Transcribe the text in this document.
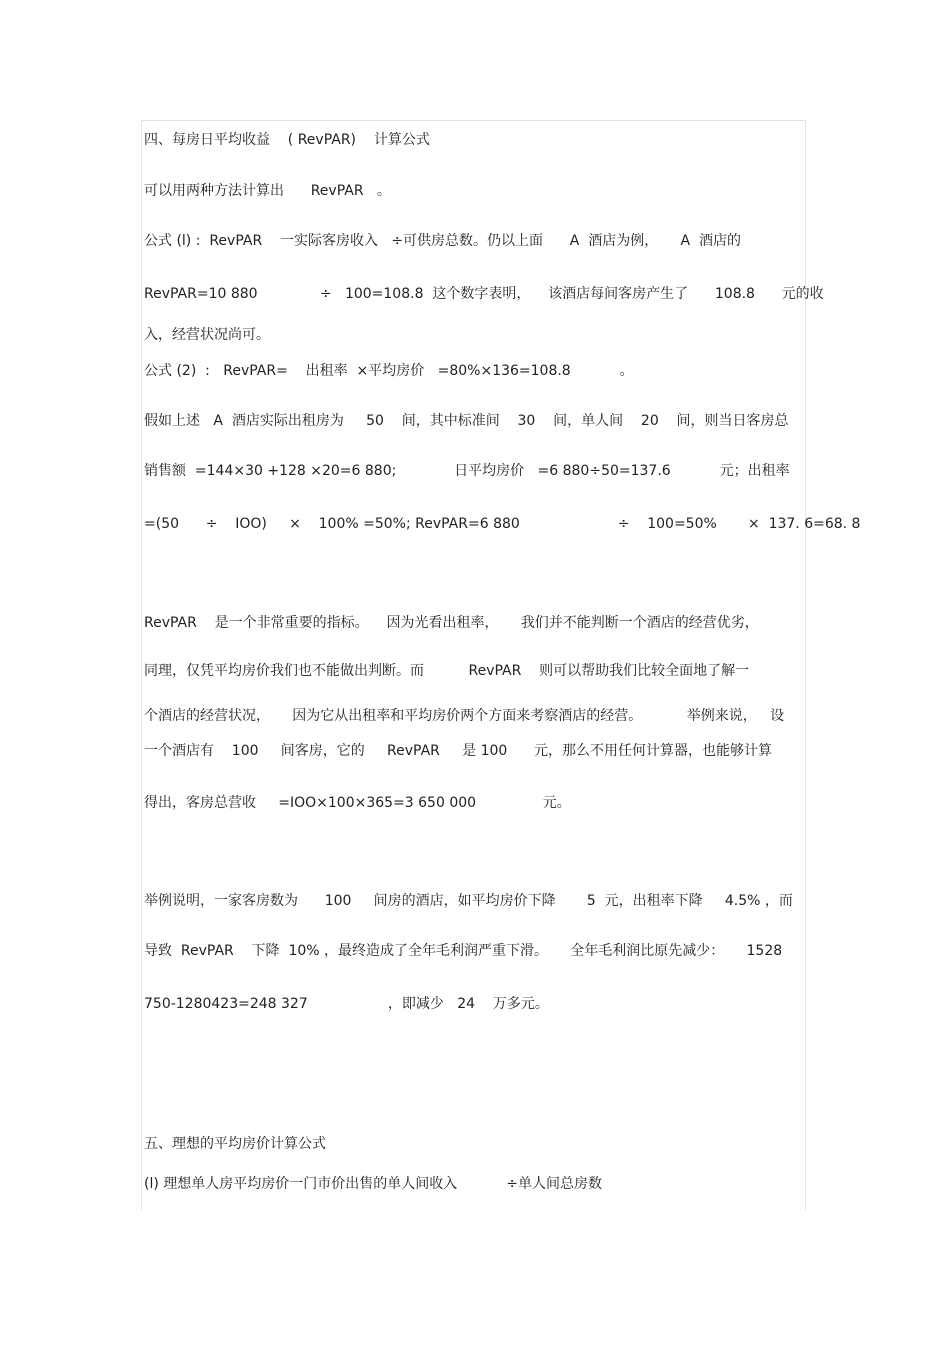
四、每房日平均收益    ( RevPAR)    计算公式
可以用两种方法计算出      RevPAR   。
公式 (l) :  RevPAR    一实际客房收入   ÷可供房总数。仍以上面      A  酒店为例，     A  酒店的
RevPAR=10 880              ÷   100=108.8  这个数字表明，    该酒店每间客房产生了      108.8      元的收
入，经营状况尚可。
公式 (2)  :   RevPAR=    出租率  ×平均房价   =80%×136=108.8           。
假如上述   A  酒店实际出租房为     50    间，其中标准间    30    间，单人间    20    间，则当日客房总
销售额  =144×30 +128 ×20=6 880;             日平均房价   =6 880÷50=137.6           元；出租率
=(50      ÷    IOO)     ×    100% =50%; RevPAR=6 880                      ÷    100=50%       ×  137. 6=68. 8
RevPAR    是一个非常重要的指标。    因为光看出租率，     我们并不能判断一个酒店的经营优劣，
同理，仅凭平均房价我们也不能做出判断。而          RevPAR    则可以帮助我们比较全面地了解一
个酒店的经营状况，     因为它从出租率和平均房价两个方面来考察酒店的经营。          举例来说，   设
一个酒店有    100     间客房，它的     RevPAR     是 100      元，那么不用任何计算器，也能够计算
得出，客房总营收     =IOO×100×365=3 650 000               元。
举例说明，一家客房数为      100     间房的酒店，如平均房价下降       5  元，出租率下降     4.5% ，而
导致  RevPAR    下降  10% ，最终造成了全年毛利润严重下滑。     全年毛利润比原先减少：     1528
750-1280423=248 327                  ，即减少   24    万多元。
五、理想的平均房价计算公式
(l) 理想单人房平均房价一门市价出售的单人间收入           ÷单人间总房数
